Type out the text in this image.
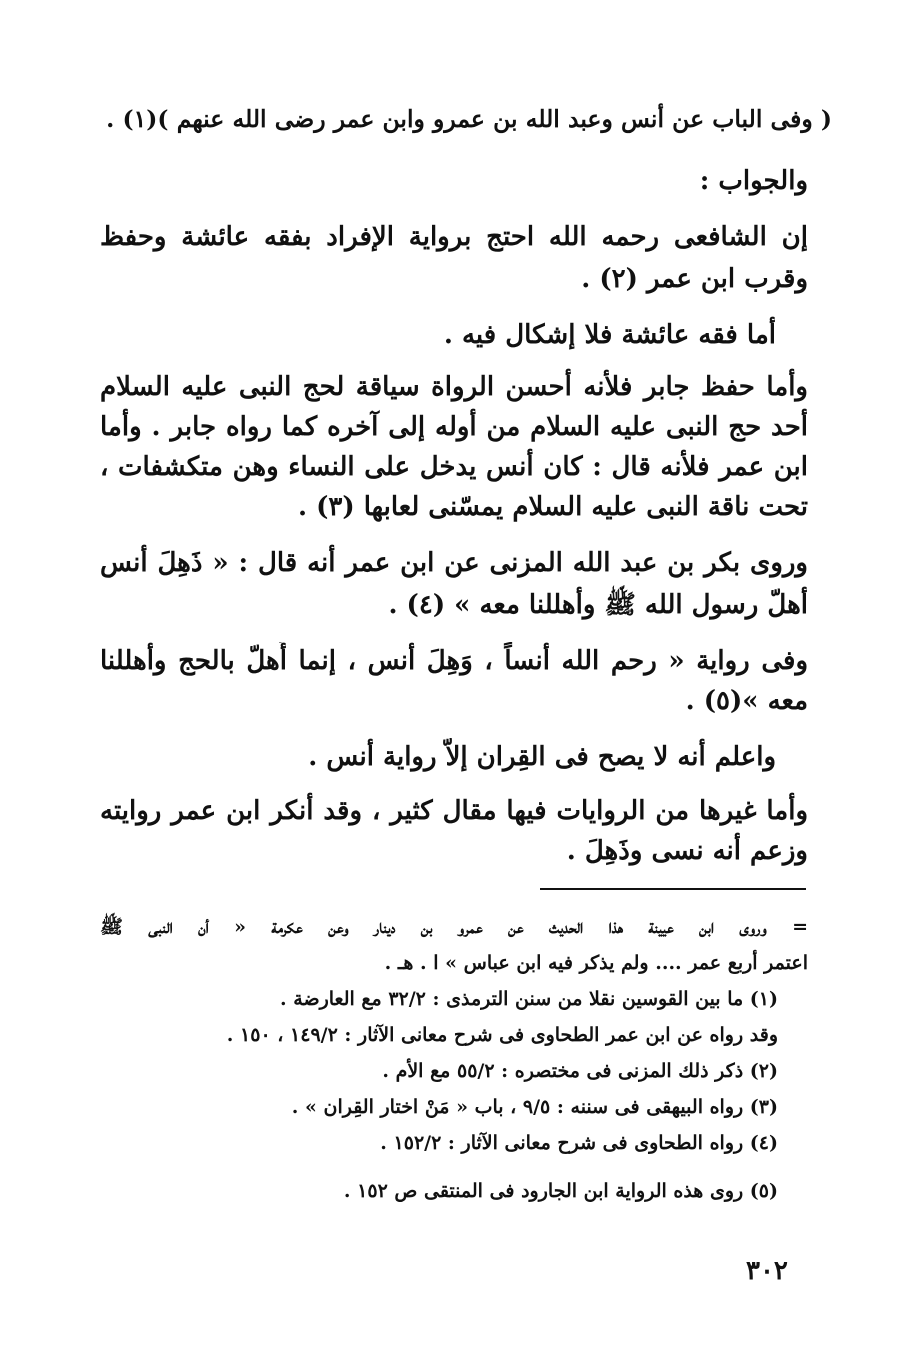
( وفى الباب عن أنس وعبد الله بن عمرو وابن عمر رضى الله عنهم )(١) .
والجواب :
إن الشافعى رحمه الله احتج برواية الإفراد بفقه عائشة وحفظ
وقرب ابن عمر (٢) .
أما فقه عائشة فلا إشكال فيه .
وأما حفظ جابر فلأنه أحسن الرواة سياقة لحج النبى عليه السلام
أحد حج النبى عليه السلام من أوله إلى آخره كما رواه جابر . وأما
ابن عمر فلأنه قال : كان أنس يدخل على النساء وهن متكشفات ،
تحت ناقة النبى عليه السلام يمسّنى لعابها (٣) .
وروى بكر بن عبد الله المزنى عن ابن عمر أنه قال : « ذَهِلَ أنس
أهلّ رسول الله ﷺ وأهللنا معه » (٤) .
وفى رواية « رحم الله أنساً ، وَهِلَ أنس ، إنما أُهلّ بالحج وأهللنا
معه »(٥) .
واعلم أنه لا يصح فى القِران إلاّ رواية أنس .
وأما غيرها من الروايات فيها مقال كثير ، وقد أنكر ابن عمر روايته
وزعم أنه نسى وذَهِلَ .
= وروى ابن عيينة هذا الحديث عن عمرو بن دينار وعن عكرمة « أن النبى ﷺ
اعتمر أربع عمر .... ولم يذكر فيه ابن عباس » ا . هـ .
(١) ما بين القوسين نقلا من سنن الترمذى : ٣٢/٢ مع العارضة .
وقد رواه عن ابن عمر الطحاوى فى شرح معانى الآثار : ١٤٩/٢ ، ١٥٠ .
(٢) ذكر ذلك المزنى فى مختصره : ٥٥/٢ مع الأم .
(٣) رواه البيهقى فى سننه : ٩/٥ ، باب « مَنْ اختار القِران » .
(٤) رواه الطحاوى فى شرح معانى الآثار : ١٥٢/٢ .
(٥) روى هذه الرواية ابن الجارود فى المنتقى ص ١٥٢ .
٣٠٢
